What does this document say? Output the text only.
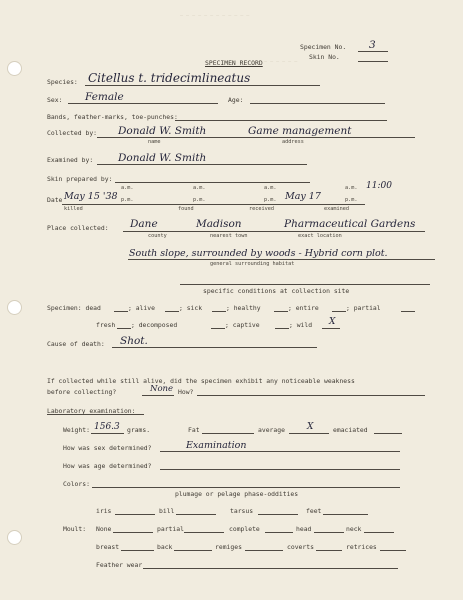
_ _ _ _ _ _ _ _ _ _ _ _
_ _ _ _ _ _ _ _ _ _
Specimen No. 3
Skin No.
SPECIMEN RECORD
Species: Citellus t. tridecimlineatus
Sex: Female	Age:
Bands, feather-marks, toe-punches:
Collected by: Donald W. Smith	Game management
name	address
Examined by: Donald W. Smith
Skin prepared by:
a.m.	a.m.	a.m.	a.m. 11:00
Date May 15 '38 p.m.	p.m.	p.m. May 17	p.m.
killed	found	received	examined
Place collected: Dane	Madison	Pharmaceutical Gardens
county	nearest town	exact location
South slope, surrounded by woods - Hybrid corn plot.
general surrounding habitat
specific conditions at collection site
Specimen: dead	; alive	; sick	; healthy	; entire	; partial
fresh ; decomposed	; captive	; wild X
Cause of death: Shot.
If collected while still alive, did the specimen exhibit any noticeable weakness
before collecting?	None How?
Laboratory examination:
Weight: 156.3 grams.	Fat	average X	emaciated
How was sex determined?	Examination
How was age determined?
Colors:
plumage or pelage phase-oddities
iris	bill	tarsus	feet
Moult: None	partial	complete	head	neck
breast	back	remiges	coverts	retrices
Feather wear
